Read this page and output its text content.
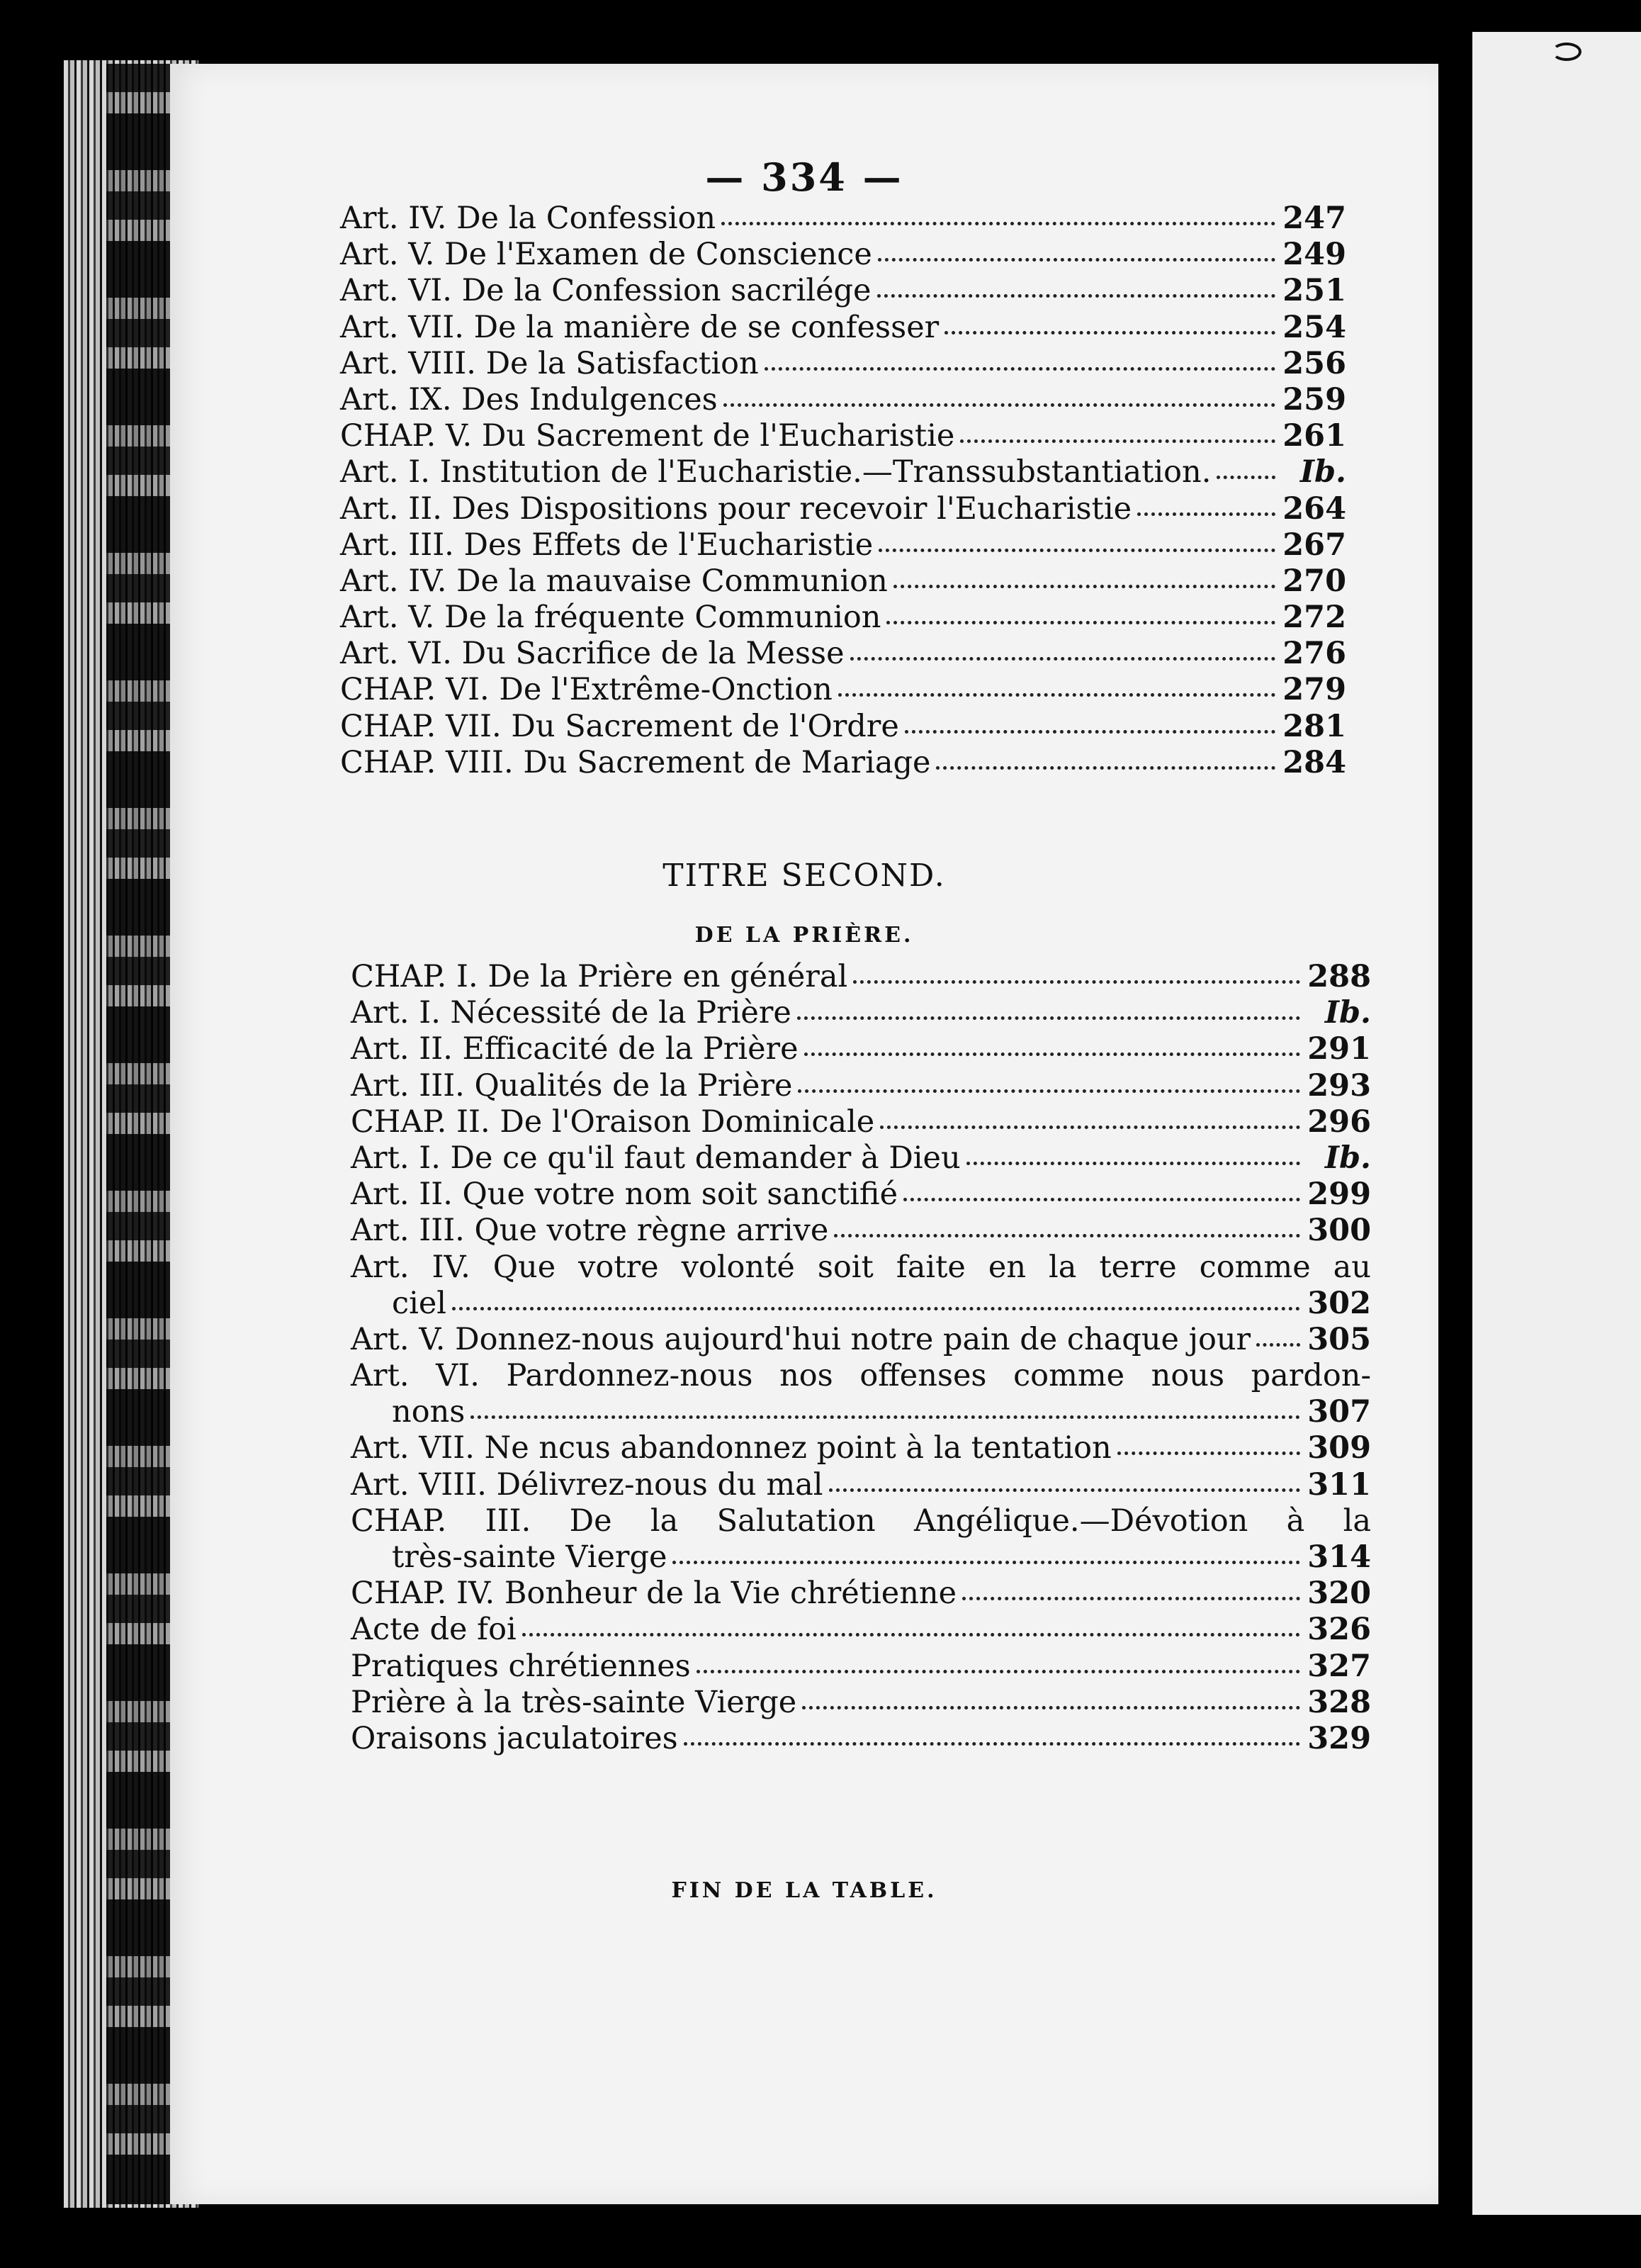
— 334 —
Art. IV. De la Confession	247
Art. V. De l'Examen de Conscience	249
Art. VI. De la Confession sacrilége	251
Art. VII. De la manière de se confesser	254
Art. VIII. De la Satisfaction	256
Art. IX. Des Indulgences	259
CHAP. V. Du Sacrement de l'Eucharistie	261
Art. I. Institution de l'Eucharistie.—Transsubstantiation.	Ib.
Art. II. Des Dispositions pour recevoir l'Eucharistie	264
Art. III. Des Effets de l'Eucharistie	267
Art. IV. De la mauvaise Communion	270
Art. V. De la fréquente Communion	272
Art. VI. Du Sacrifice de la Messe	276
CHAP. VI. De l'Extrême-Onction	279
CHAP. VII. Du Sacrement de l'Ordre	281
CHAP. VIII. Du Sacrement de Mariage	284
TITRE SECOND.
DE LA PRIÈRE.
CHAP. I. De la Prière en général	288
Art. I. Nécessité de la Prière	Ib.
Art. II. Efficacité de la Prière	291
Art. III. Qualités de la Prière	293
CHAP. II. De l'Oraison Dominicale	296
Art. I. De ce qu'il faut demander à Dieu	Ib.
Art. II. Que votre nom soit sanctifié	299
Art. III. Que votre règne arrive	300
Art. IV. Que votre volonté soit faite en la terre comme au
ciel	302
Art. V. Donnez-nous aujourd'hui notre pain de chaque jour 305
Art. VI. Pardonnez-nous nos offenses comme nous pardon-
nons	307
Art. VII. Ne ncus abandonnez point à la tentation	309
Art. VIII. Délivrez-nous du mal	311
CHAP. III. De la Salutation Angélique.—Dévotion à la
très-sainte Vierge	314
CHAP. IV. Bonheur de la Vie chrétienne	320
Acte de foi	326
Pratiques chrétiennes	327
Prière à la très-sainte Vierge	328
Oraisons jaculatoires	329
FIN DE LA TABLE.
